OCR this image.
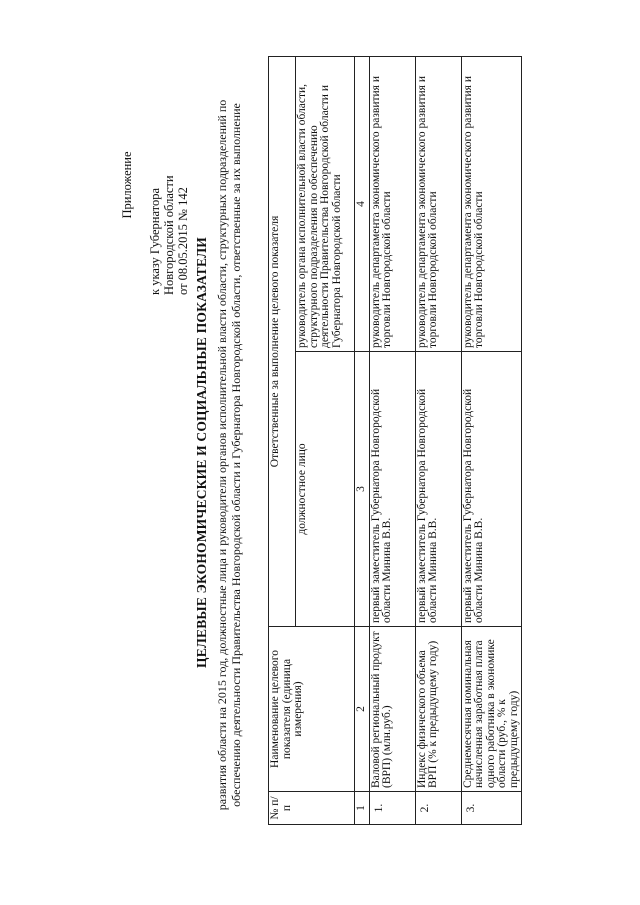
Приложение
к указу Губернатора Новгородской области от 08.05.2015 № 142 ЦЕЛЕВЫЕ ЭКОНОМИЧЕСКИЕ И СОЦИАЛЬНЫЕ ПОКАЗАТЕЛИ развития области на 2015 год, должностные лица и руководители органов исполнительной власти области, структурных подразделений по обеспечению деятельности Правительства Новгородской области и Губернатора Новгородской области, ответственные за их выполнение
№ п/п	Наименование целевого показателя (единица измерения)	Ответственные за выполнение целевого показателя	
		должностное лицо	руководитель органа исполнительной власти области, структурного подразделения по обеспечению деятельности Правительства Новгородской области и Губернатора Новгородской области
1	2	3	4
1.	Валовой региональный продукт (ВРП) (млн.руб.)	первый заместитель Губернатора Новгородской области Минина В.В.	руководитель департамента экономического развития и торговли Новгородской области
2.	Индекс физического объема ВРП (% к предыдущему году)	первый заместитель Губернатора Новгородской области Минина В.В.	руководитель департамента экономического развития и торговли Новгородской области
3.	Среднемесячная номинальная начисленная заработная плата одного работника в экономике области (руб., % к предыдущему году)	первый заместитель Губернатора Новгородской области Минина В.В.	руководитель департамента экономического развития и торговли Новгородской области
